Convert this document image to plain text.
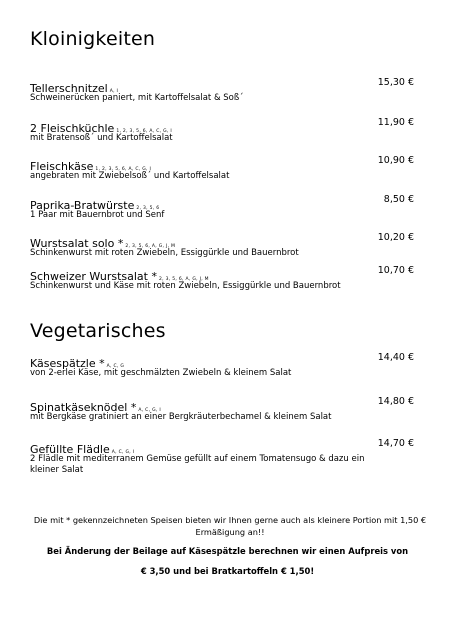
Kloinigkeiten
Tellerschnitzel A, I
15,30 €
Schweinerücken paniert, mit Kartoffelsalat & Soß´
2 Fleischküchle 1, 2, 3, 5, 6, A, C, G, I
11,90 €
mit Bratensoß´ und Kartoffelsalat
Fleischkäse 1, 2, 3, 5, 6, A, C, G, I
10,90 €
angebraten mit Zwiebelsoß´ und Kartoffelsalat
Paprika-Bratwürste 2, 3, 5, 6
8,50 €
1 Paar mit Bauernbrot und Senf
Wurstsalat solo * 2, 3, 5, 6, A, G, J, M
10,20 €
Schinkenwurst mit roten Zwiebeln, Essiggürkle und Bauernbrot
Schweizer Wurstsalat * 2, 3, 5, 6, A, G, J, M
10,70 €
Schinkenwurst und Käse mit roten Zwiebeln, Essiggürkle und Bauernbrot
Vegetarisches
Käsespätzle * A, C, G
14,40 €
von 2-erlei Käse, mit geschmälzten Zwiebeln & kleinem Salat
Spinatkäseknödel * A, C, G, I
14,80 €
mit Bergkäse gratiniert an einer Bergkräuterbechamel & kleinem Salat
Gefüllte Flädle A, C, G, I
14,70 €
2 Flädle mit mediterranem Gemüse gefüllt auf einem Tomatensugo & dazu ein kleiner Salat
Die mit * gekennzeichneten Speisen bieten wir Ihnen gerne auch als kleinere Portion mit 1,50 € Ermäßigung an!!
Bei Änderung der Beilage auf Käsespätzle berechnen wir einen Aufpreis von
€ 3,50 und bei Bratkartoffeln € 1,50!
